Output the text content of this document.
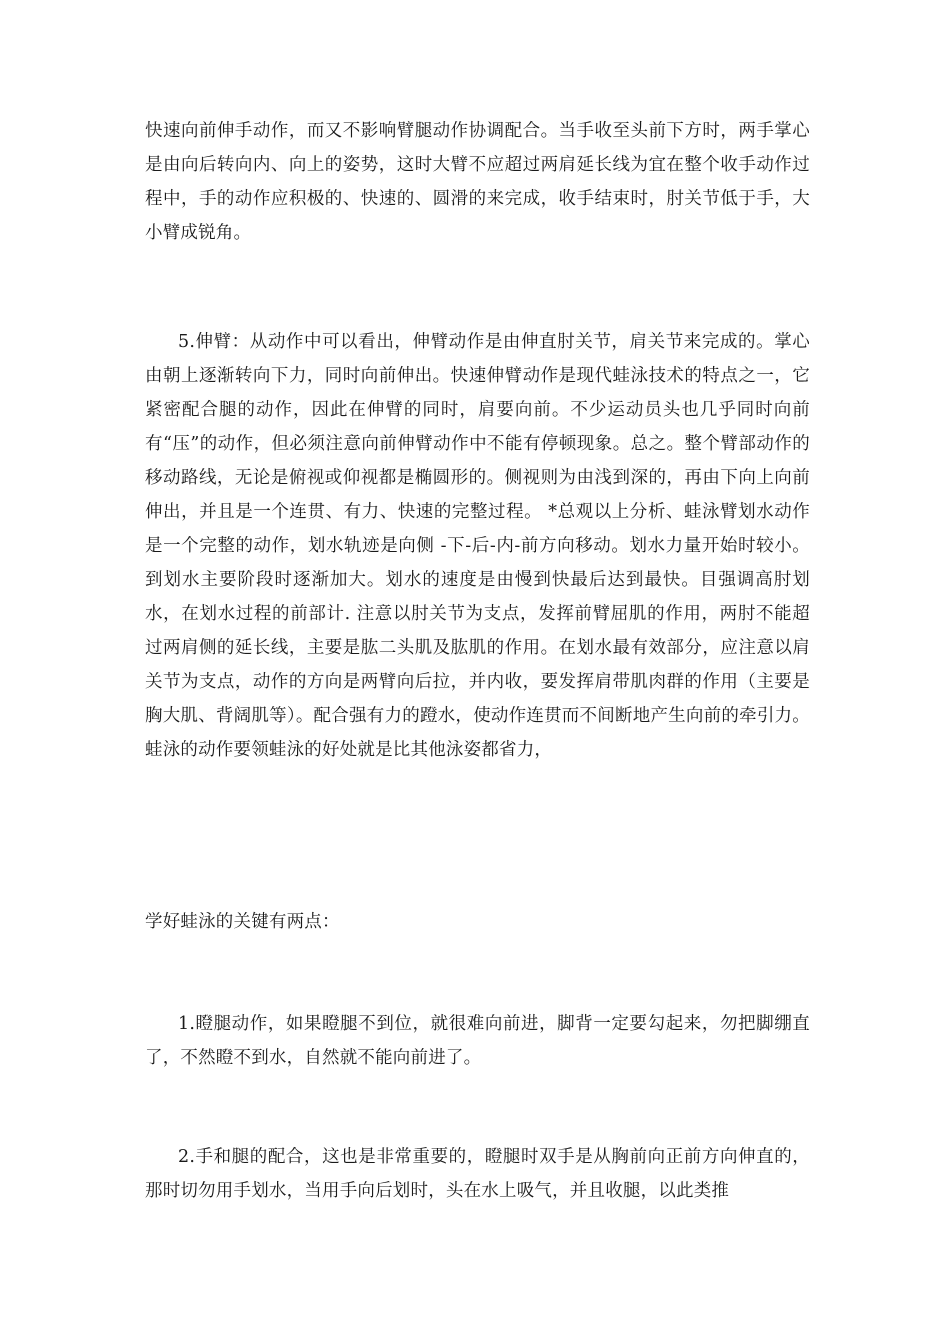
快速向前伸手动作，而又不影响臂腿动作协调配合。当手收至头前下方时，两手掌心是由向后转向内、向上的姿势，这时大臂不应超过两肩延长线为宜在整个收手动作过程中，手的动作应积极的、快速的、圆滑的来完成，收手结束时，肘关节低于手，大小臂成锐角。

5.伸臂：从动作中可以看出，伸臂动作是由伸直肘关节，肩关节来完成的。掌心由朝上逐渐转向下力，同时向前伸出。快速伸臂动作是现代蛙泳技术的特点之一，它紧密配合腿的动作，因此在伸臂的同时，肩要向前。不少运动员头也几乎同时向前有“压”的动作，但必须注意向前伸臂动作中不能有停顿现象。总之。整个臂部动作的移动路线，无论是俯视或仰视都是椭圆形的。侧视则为由浅到深的，再由下向上向前伸出，并且是一个连贯、有力、快速的完整过程。 *总观以上分析、蛙泳臂划水动作是一个完整的动作，划水轨迹是向侧 -下-后-内-前方向移动。划水力量开始时较小。到划水主要阶段时逐渐加大。划水的速度是由慢到快最后达到最快。目强调高肘划水，在划水过程的前部计. 注意以肘关节为支点，发挥前臂屈肌的作用，两肘不能超过两肩侧的延长线，主要是肱二头肌及肱肌的作用。在划水最有效部分，应注意以肩关节为支点，动作的方向是两臂向后拉，并内收，要发挥肩带肌肉群的作用（主要是胸大肌、背阔肌等）。配合强有力的蹬水，使动作连贯而不间断地产生向前的牵引力。蛙泳的动作要领蛙泳的好处就是比其他泳姿都省力，

学好蛙泳的关键有两点：

1.瞪腿动作，如果瞪腿不到位，就很难向前进，脚背一定要勾起来，勿把脚绷直了，不然瞪不到水，自然就不能向前进了。

2.手和腿的配合，这也是非常重要的，瞪腿时双手是从胸前向正前方向伸直的，那时切勿用手划水，当用手向后划时，头在水上吸气，并且收腿，以此类推
